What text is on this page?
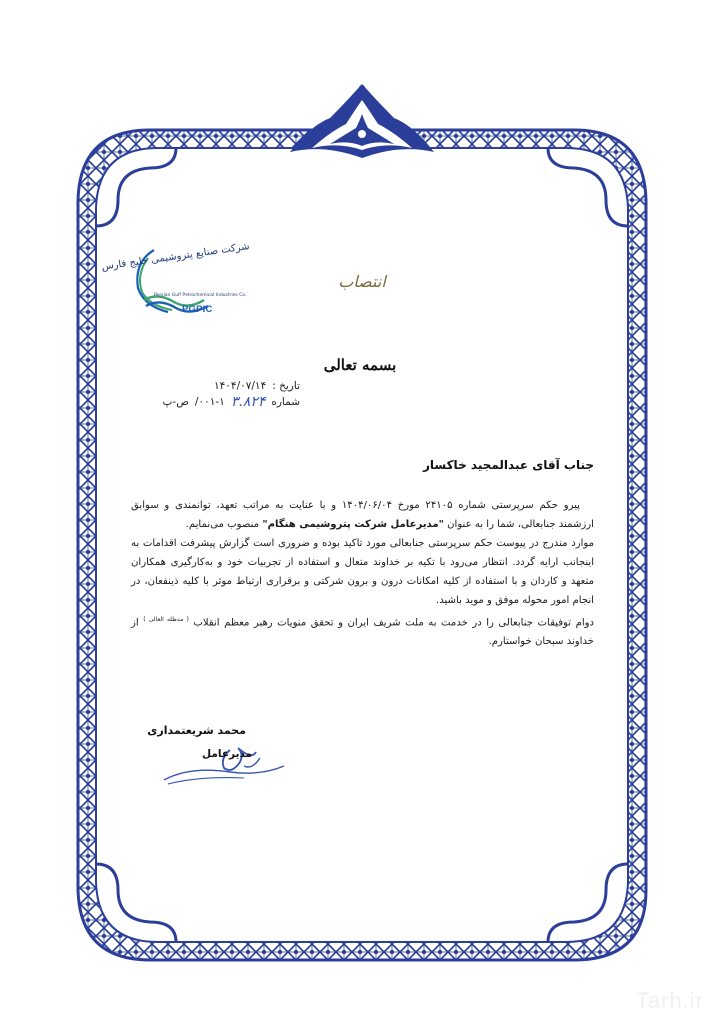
شرکت صنایع پتروشیمی خلیج فارس
Persian Gulf Petrochemical Industries Co.
PGPIC
انتصاب
بسمه تعالی
تاریخ :
۱۴۰۴/۰۷/۱۴
شماره
۳.۸۲۴
۰۰۱-۱/
ص-پ
جناب آقای عبدالمجید خاکسار

پیرو حکم سرپرستی شماره ۲۴۱۰۵ مورخ ۱۴۰۴/۰۶/۰۴ و با عنایت به مراتب تعهد، توانمندی و سوابق ارزشمند جنابعالی، شما را به عنوان "مدیرعامل شرکت پتروشیمی هنگام" منصوب می‌نمایم.

موارد مندرج در پیوست حکم سرپرستی جنابعالی مورد تاکید بوده و ضروری است گزارش پیشرفت اقدامات به اینجانب ارایه گردد. انتظار می‌رود با تکیه بر خداوند متعال و استفاده از تجربیات خود و به‌کارگیری همکاران متعهد و کاردان و با استفاده از کلیه امکانات درون و برون شرکتی و برقراری ارتباط موثر با کلیه ذینفعان، در انجام امور محوله موفق و موید باشید.

دوام توفیقات جنابعالی را در خدمت به ملت شریف ایران و تحقق منویات رهبر معظم انقلاب $^{( مدظله العالی )}$ از خداوند سبحان خواستارم.

محمد شریعتمداری
مدیرعامل
Tarh.ir
